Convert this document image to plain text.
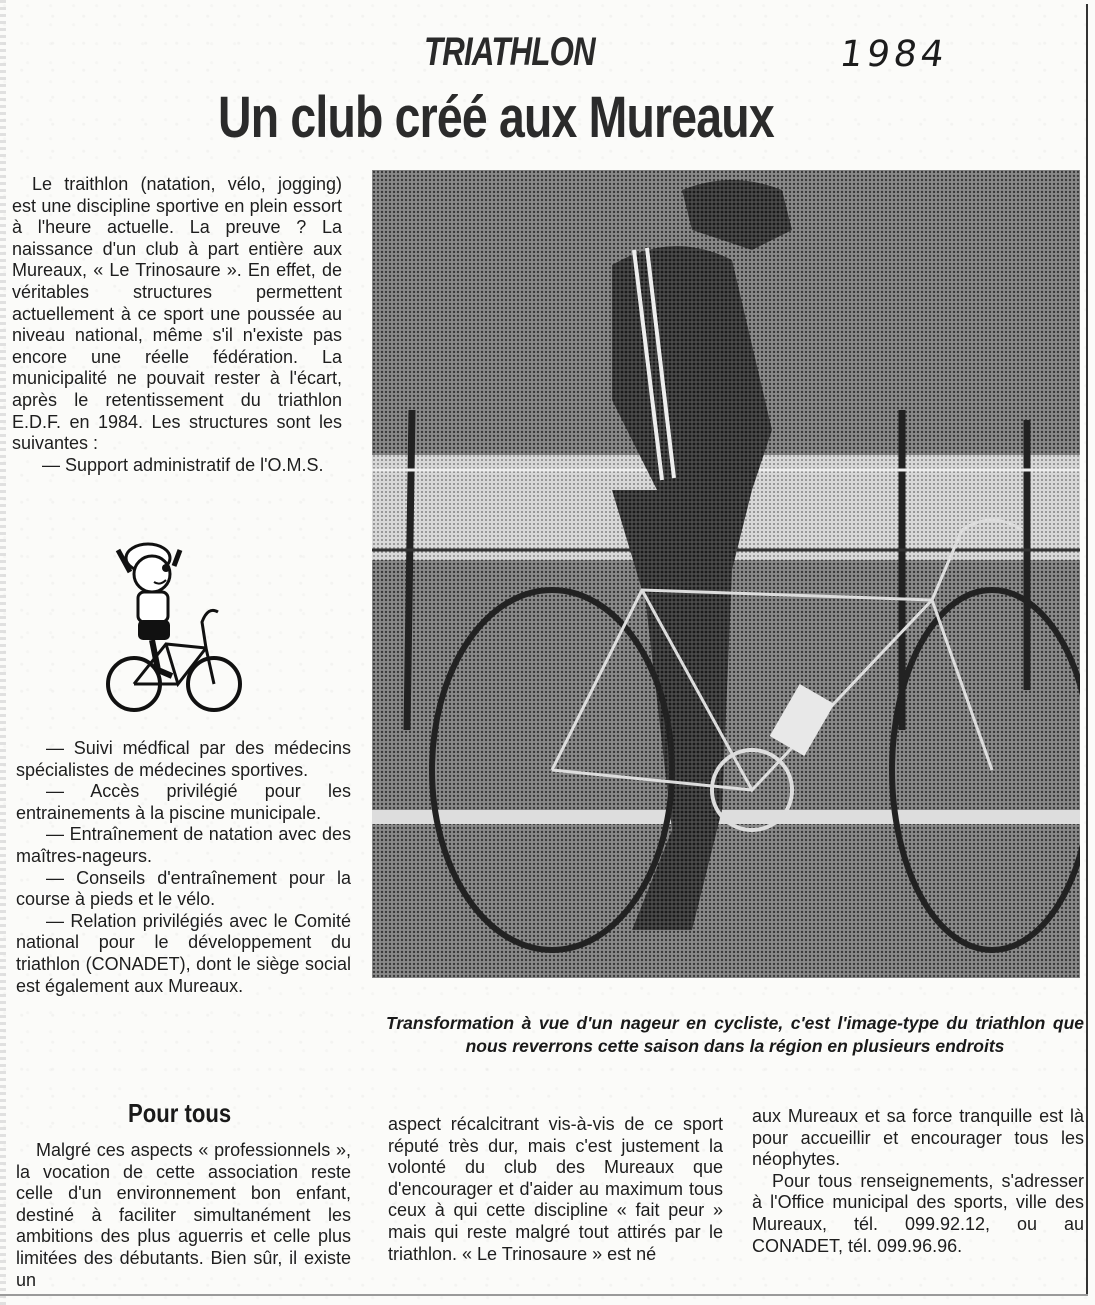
TRIATHLON	1984
Un club créé aux Mureaux

Le traithlon (natation, vélo, jogging) est une discipline sportive en plein essort à l'heure actuelle. La preuve ? La naissance d'un club à part entière aux Mureaux, « Le Trinosaure ». En effet, de véritables structures permettent actuellement à ce sport une poussée au niveau national, même s'il n'existe pas encore une réelle fédération. La municipalité ne pouvait rester à l'écart, après le retentissement du triathlon E.D.F. en 1984. Les structures sont les suivantes :

— Support administratif de l'O.M.S.

— Suivi médfical par des médecins spécialistes de médecines sportives.

— Accès privilégié pour les entrainements à la piscine municipale.

— Entraînement de natation avec des maîtres-nageurs.

— Conseils d'entraînement pour la course à pieds et le vélo.

— Relation privilégiés avec le Comité national pour le développement du triathlon (CONADET), dont le siège social est également aux Mureaux.

Transformation à vue d'un nageur en cycliste, c'est l'image-type du triathlon que nous reverrons cette saison dans la région en plusieurs endroits
Pour tous

Malgré ces aspects « professionnels », la vocation de cette association reste celle d'un environnement bon enfant, destiné à faciliter simultanément les ambitions des plus aguerris et celle plus limitées des débutants. Bien sûr, il existe un

aspect récalcitrant vis-à-vis de ce sport réputé très dur, mais c'est justement la volonté du club des Mureaux que d'encourager et d'aider au maximum tous ceux à qui cette discipline « fait peur » mais qui reste malgré tout attirés par le triathlon. « Le Trinosaure » est né

aux Mureaux et sa force tranquille est là pour accueillir et encourager tous les néophytes.

Pour tous renseignements, s'adresser à l'Office municipal des sports, ville des Mureaux, tél. 099.92.12, ou au CONADET, tél. 099.96.96.
